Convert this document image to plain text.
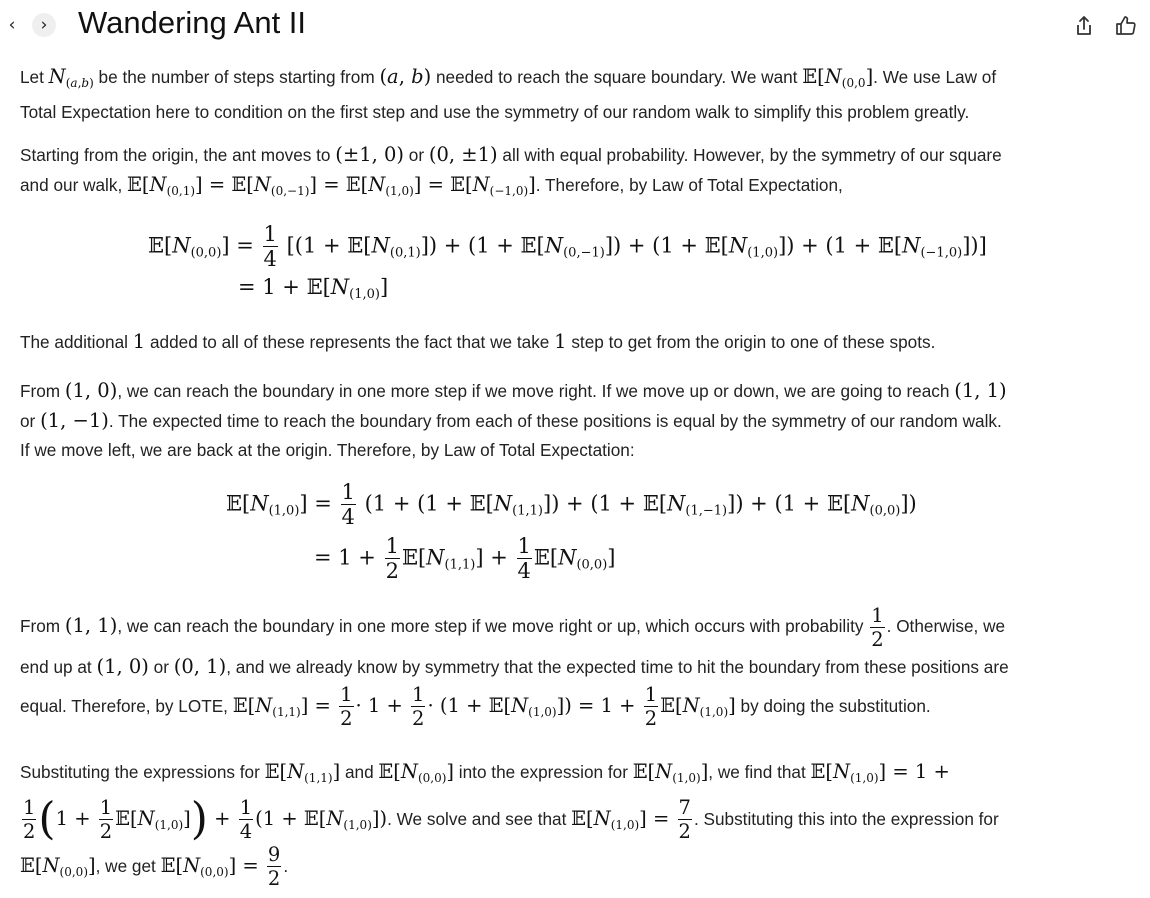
‹	› Wandering Ant II
Let $N_{(a,b)}$ be the number of steps starting from (a, b) needed to reach the square boundary. We want $𝔼[N_{(0,0}]$. We use Law of
Total Expectation here to condition on the first step and use the symmetry of our random walk to simplify this problem greatly.
Starting from the origin, the ant moves to (±1, 0) or (0, ±1) all with equal probability. However, by the symmetry of our square
and our walk, $𝔼[N_{(0,1)}]$ = $𝔼[N_{(0,-1)}]$ = $𝔼[N_{(1,0)}]$ = $𝔼[N_{(-1,0)}]$. Therefore, by Law of Total Expectation,
$𝔼[N_{(0,0)}] = \frac{1}{4} [(1$ + $𝔼[N_{(0,1)}]) + (1$ + $𝔼[N_{(0,-1)}]) + (1$ + $𝔼[N_{(1,0)}]) + (1$ + $𝔼[N_{(-1,0)}]$)]
= $1 + 𝔼[N_{(1,0)}]$
The additional 1 added to all of these represents the fact that we take 1 step to get from the origin to one of these spots.
From (1, 0), we can reach the boundary in one more step if we move right. If we move up or down, we are going to reach (1, 1)
or (1, −1). The expected time to reach the boundary from each of these positions is equal by the symmetry of our random walk.
If we move left, we are back at the origin. Therefore, by Law of Total Expectation:
$𝔼[N_{(1,0)}] = \frac{1}{4} (1 + (1$ + $𝔼[N_{(1,1)}]) + (1$ + $𝔼[N_{(1,-1)}]) + (1$ + $𝔼[N_{(0,0)}]$)
= $1 + \frac{1}{2}$ $𝔼[N_{(1,1)}] + \frac{1}{4}$ $𝔼[N_{(0,0)}]$
From (1, 1), we can reach the boundary in one more step if we move right or up, which occurs with probability $\frac{1}{2}$ . Otherwise, we
end up at (1, 0) or (0, 1), and we already know by symmetry that the expected time to hit the boundary from these positions are
equal. Therefore, by LOTE, $𝔼[N_{(1,1)}] = \frac{1}{2} \cdot 1 + \frac{1}{2} \cdot (1$ + $𝔼[N_{(1,0)}]) = 1 + \frac{1}{2}$ $𝔼[N_{(1,0)}]$ by doing the substitution.
Substituting the expressions for $𝔼[N_{(1,1)}]$ and $𝔼[N_{(0,0)}]$ into the expression for $𝔼[N_{(1,0)}]$, we find that $𝔼[N_{(1,0)}] = 1$ +

$\frac{1}{2} (1 + \frac{1}{2}$ $𝔼[N_{(1,0)}]) + \frac{1}{4} (1$ + $𝔼[N_{(1,0)}]$). We solve and see that $𝔼[N_{(1,0)}] = \frac{7}{2}$ . Substituting this into the expression for
$𝔼[N_{(0,0)}]$, we get $𝔼[N_{(0,0)}] = \frac{9}{2}$ .
